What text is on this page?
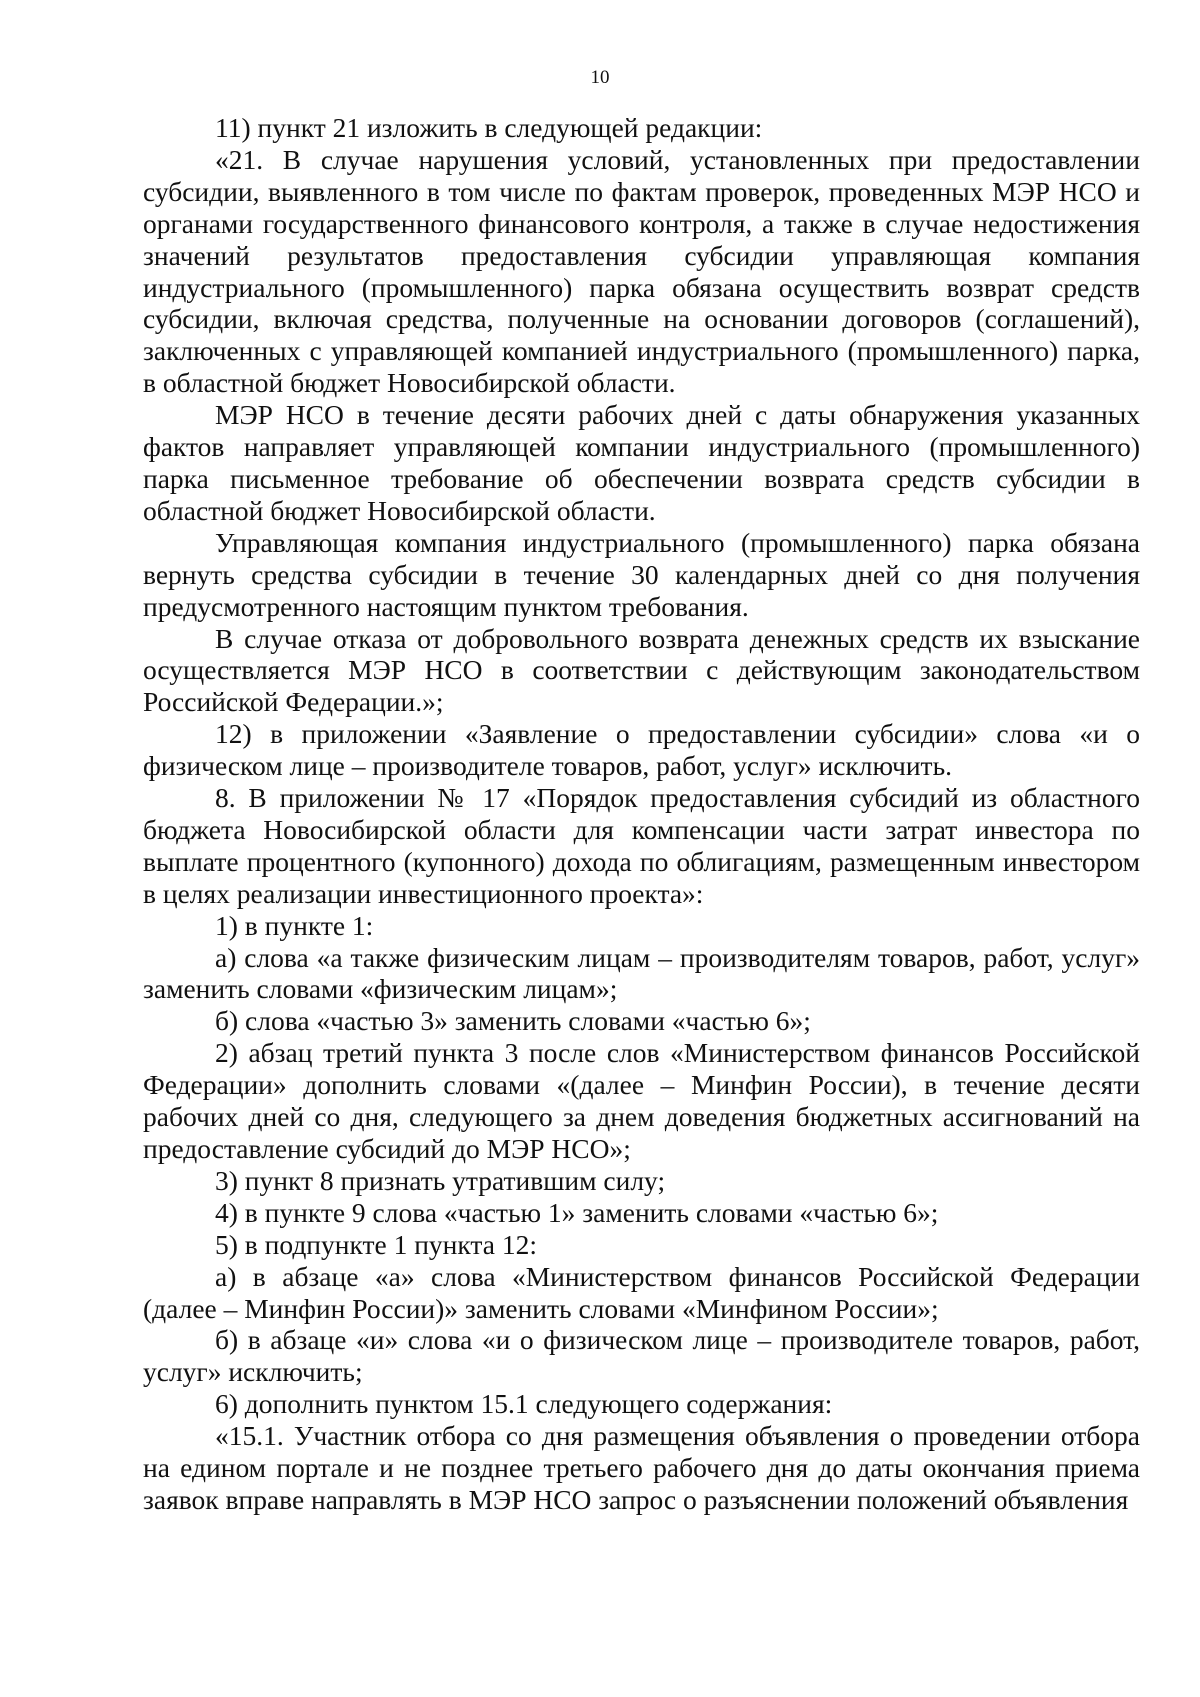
10

11) пункт 21 изложить в следующей редакции:

«21. В случае нарушения условий, установленных при предоставлении субсидии, выявленного в том числе по фактам проверок, проведенных МЭР НСО и органами государственного финансового контроля, а также в случае недостижения значений результатов предоставления субсидии управляющая компания индустриального (промышленного) парка обязана осуществить возврат средств субсидии, включая средства, полученные на основании договоров (соглашений), заключенных с управляющей компанией индустриального (промышленного) парка, в областной бюджет Новосибирской области.

МЭР НСО в течение десяти рабочих дней с даты обнаружения указанных фактов направляет управляющей компании индустриального (промышленного) парка письменное требование об обеспечении возврата средств субсидии в областной бюджет Новосибирской области.

Управляющая компания индустриального (промышленного) парка обязана вернуть средства субсидии в течение 30 календарных дней со дня получения предусмотренного настоящим пунктом требования.

В случае отказа от добровольного возврата денежных средств их взыскание осуществляется МЭР НСО в соответствии с действующим законодательством Российской Федерации.»;

12) в приложении «Заявление о предоставлении субсидии» слова «и о физическом лице – производителе товаров, работ, услуг» исключить.

8. В приложении № 17 «Порядок предоставления субсидий из областного бюджета Новосибирской области для компенсации части затрат инвестора по выплате процентного (купонного) дохода по облигациям, размещенным инвестором в целях реализации инвестиционного проекта»:

1) в пункте 1:

а) слова «а также физическим лицам – производителям товаров, работ, услуг» заменить словами «физическим лицам»;

б) слова «частью 3» заменить словами «частью 6»;

2) абзац третий пункта 3 после слов «Министерством финансов Российской Федерации» дополнить словами «(далее – Минфин России), в течение десяти рабочих дней со дня, следующего за днем доведения бюджетных ассигнований на предоставление субсидий до МЭР НСО»;

3) пункт 8 признать утратившим силу;

4) в пункте 9 слова «частью 1» заменить словами «частью 6»;

5) в подпункте 1 пункта 12:

а) в абзаце «а» слова «Министерством финансов Российской Федерации (далее – Минфин России)» заменить словами «Минфином России»;

б) в абзаце «и» слова «и о физическом лице – производителе товаров, работ, услуг» исключить;

6) дополнить пунктом 15.1 следующего содержания:

«15.1. Участник отбора со дня размещения объявления о проведении отбора на едином портале и не позднее третьего рабочего дня до даты окончания приема заявок вправе направлять в МЭР НСО запрос о разъяснении положений объявления
